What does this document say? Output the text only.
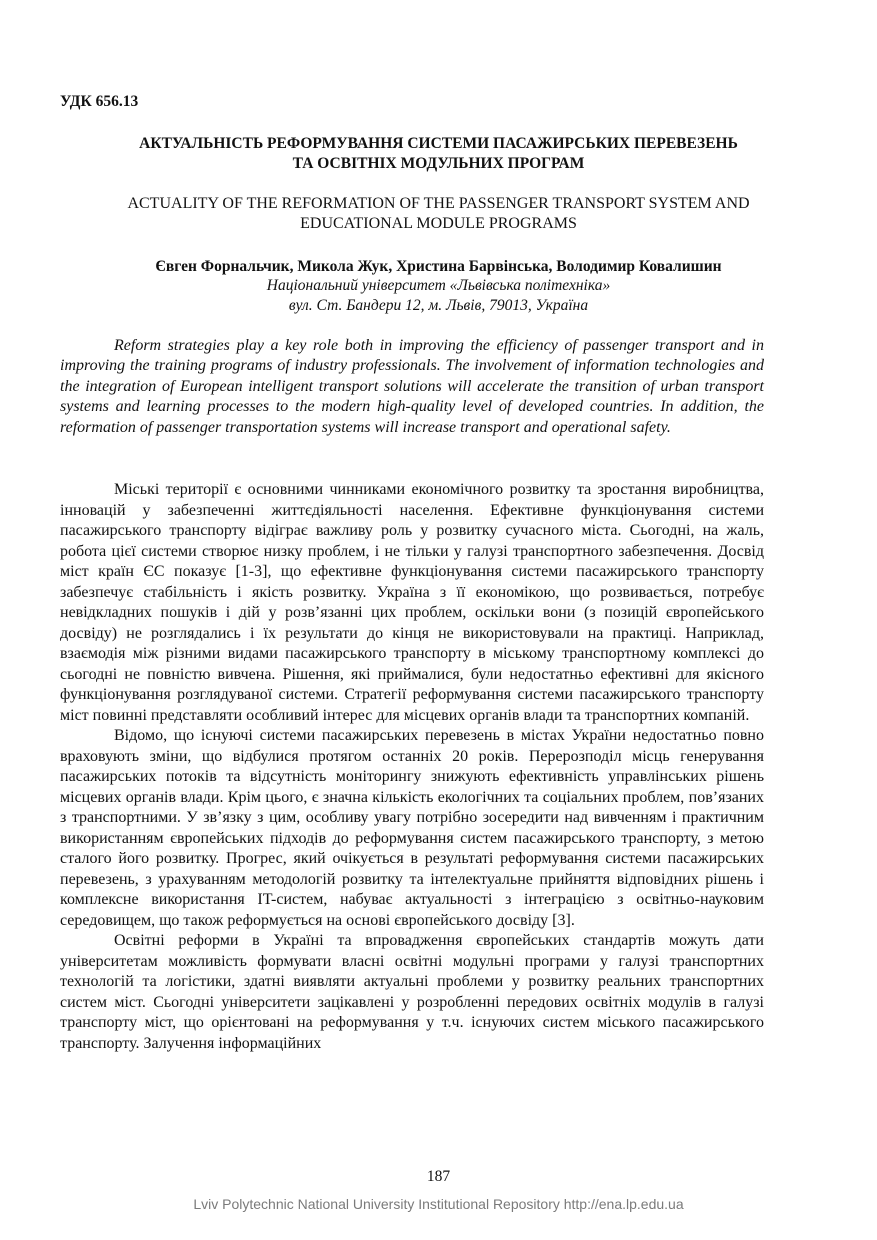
УДК 656.13
АКТУАЛЬНІСТЬ РЕФОРМУВАННЯ СИСТЕМИ ПАСАЖИРСЬКИХ ПЕРЕВЕЗЕНЬ
ТА ОСВІТНІХ МОДУЛЬНИХ ПРОГРАМ
ACTUALITY OF THE REFORMATION OF THE PASSENGER TRANSPORT SYSTEM AND
EDUCATIONAL MODULE PROGRAMS
Євген Форнальчик, Микола Жук, Христина Барвінська, Володимир Ковалишин
Національний університет «Львівська політехніка»
вул. Ст. Бандери 12, м. Львів, 79013, Україна

Reform strategies play a key role both in improving the efficiency of passenger transport and in improving the training programs of industry professionals. The involvement of information technologies and the integration of European intelligent transport solutions will accelerate the transition of urban transport systems and learning processes to the modern high-quality level of developed countries. In addition, the reformation of passenger transportation systems will increase transport and operational safety.

Міські території є основними чинниками економічного розвитку та зростання виробництва, інновацій у забезпеченні життєдіяльності населення. Ефективне функціонування системи пасажирського транспорту відіграє важливу роль у розвитку сучасного міста. Сьогодні, на жаль, робота цієї системи створює низку проблем, і не тільки у галузі транспортного забезпечення. Досвід міст країн ЄС показує [1-3], що ефективне функціонування системи пасажирського транспорту забезпечує стабільність і якість розвитку. Україна з її економікою, що розвивається, потребує невідкладних пошуків і дій у розв’язанні цих проблем, оскільки вони (з позицій європейського досвіду) не розглядались і їх результати до кінця не використовували на практиці. Наприклад, взаємодія між різними видами пасажирського транспорту в міському транспортному комплексі до сьогодні не повністю вивчена. Рішення, які приймалися, були недостатньо ефективні для якісного функціонування розглядуваної системи. Стратегії реформування системи пасажирського транспорту міст повинні представляти особливий інтерес для місцевих органів влади та транспортних компаній.

Відомо, що існуючі системи пасажирських перевезень в містах України недостатньо повно враховують зміни, що відбулися протягом останніх 20 років. Перерозподіл місць генерування пасажирських потоків та відсутність моніторингу знижують ефективність управлінських рішень місцевих органів влади. Крім цього, є значна кількість екологічних та соціальних проблем, пов’язаних з транспортними. У зв’язку з цим, особливу увагу потрібно зосередити над вивченням і практичним використанням європейських підходів до реформування систем пасажирського транспорту, з метою сталого його розвитку. Прогрес, який очікується в результаті реформування системи пасажирських перевезень, з урахуванням методологій розвитку та інтелектуальне прийняття відповідних рішень і комплексне використання IT-систем, набуває актуальності з інтеграцією з освітньо-науковим середовищем, що також реформується на основі європейського досвіду [3].

Освітні реформи в Україні та впровадження європейських стандартів можуть дати університетам можливість формувати власні освітні модульні програми у галузі транспортних технологій та логістики, здатні виявляти актуальні проблеми у розвитку реальних транспортних систем міст. Сьогодні університети зацікавлені у розробленні передових освітніх модулів в галузі транспорту міст, що орієнтовані на реформування у т.ч. існуючих систем міського пасажирського транспорту. Залучення інформаційних

187
Lviv Polytechnic National University Institutional Repository http://ena.lp.edu.ua
